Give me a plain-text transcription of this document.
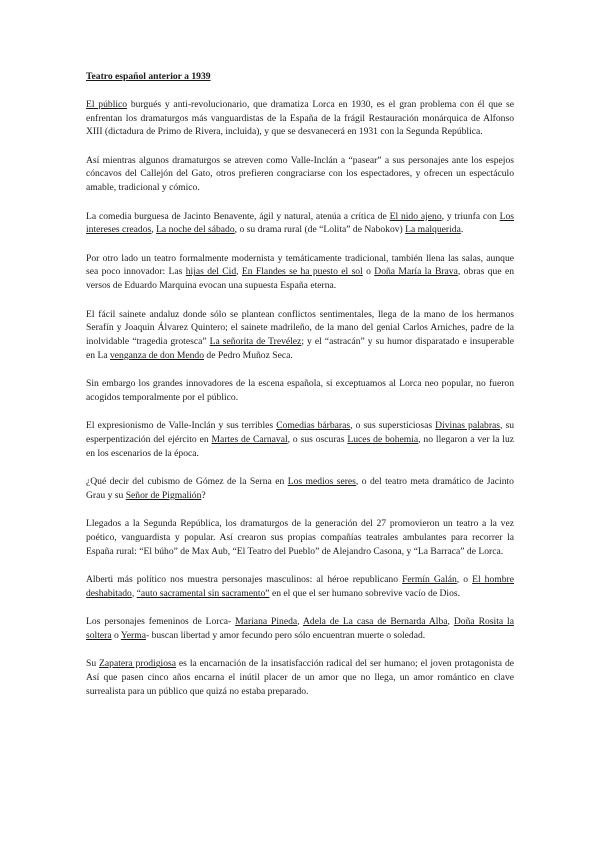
Teatro español anterior a 1939

El público burgués y anti-revolucionario, que dramatiza Lorca en 1930, es el gran problema con él que se enfrentan los dramaturgos más vanguardistas de la España de la frágil Restauración monárquica de Alfonso XIII (dictadura de Primo de Rivera, incluida), y que se desvanecerá en 1931 con la Segunda República.

Así mientras algunos dramaturgos se atreven como Valle-Inclán a “pasear” a sus personajes ante los espejos cóncavos del Callejón del Gato, otros prefieren congraciarse con los espectadores, y ofrecen un espectáculo amable, tradicional y cómico.

La comedia burguesa de Jacinto Benavente, ágil y natural, atenúa a crítica de El nido ajeno, y triunfa con Los intereses creados, La noche del sábado, o su drama rural (de “Lolita” de Nabokov) La malquerida.

Por otro lado un teatro formalmente modernista y temáticamente tradicional, también llena las salas, aunque sea poco innovador: Las hijas del Cid, En Flandes se ha puesto el sol o Doña María la Brava, obras que en versos de Eduardo Marquina evocan una supuesta España eterna.

El fácil sainete andaluz donde sólo se plantean conflictos sentimentales, llega de la mano de los hermanos Serafín y Joaquín Álvarez Quintero; el sainete madrileño, de la mano del genial Carlos Arniches, padre de la inolvidable “tragedia grotesca” La señorita de Trevélez; y el “astracán” y su humor disparatado e insuperable en La venganza de don Mendo de Pedro Muñoz Seca.

Sin embargo los grandes innovadores de la escena española, si exceptuamos al Lorca neo popular, no fueron acogidos temporalmente por el público.

El expresionismo de Valle-Inclán y sus terribles Comedias bárbaras, o sus supersticiosas Divinas palabras, su esperpentización del ejército en Martes de Carnaval, o sus oscuras Luces de bohemia, no llegaron a ver la luz en los escenarios de la época.

¿Qué decir del cubismo de Gómez de la Serna en Los medios seres, o del teatro meta dramático de Jacinto Grau y su Señor de Pigmalión?

Llegados a la Segunda República, los dramaturgos de la generación del 27 promovieron un teatro a la vez poético, vanguardista y popular. Así crearon sus propias compañías teatrales ambulantes para recorrer la España rural: “El búho” de Max Aub, “El Teatro del Pueblo” de Alejandro Casona, y “La Barraca” de Lorca.

Alberti más político nos muestra personajes masculinos: al héroe republicano Fermín Galán, o El hombre deshabitado, “auto sacramental sin sacramento” en el que el ser humano sobrevive vacío de Dios.

Los personajes femeninos de Lorca- Mariana Pineda, Adela de La casa de Bernarda Alba, Doña Rosita la soltera o Yerma- buscan libertad y amor fecundo pero sólo encuentran muerte o soledad.

Su Zapatera prodigiosa es la encarnación de la insatisfacción radical del ser humano; el joven protagonista de Así que pasen cinco años encarna el inútil placer de un amor que no llega, un amor romántico en clave surrealista para un público que quizá no estaba preparado.
